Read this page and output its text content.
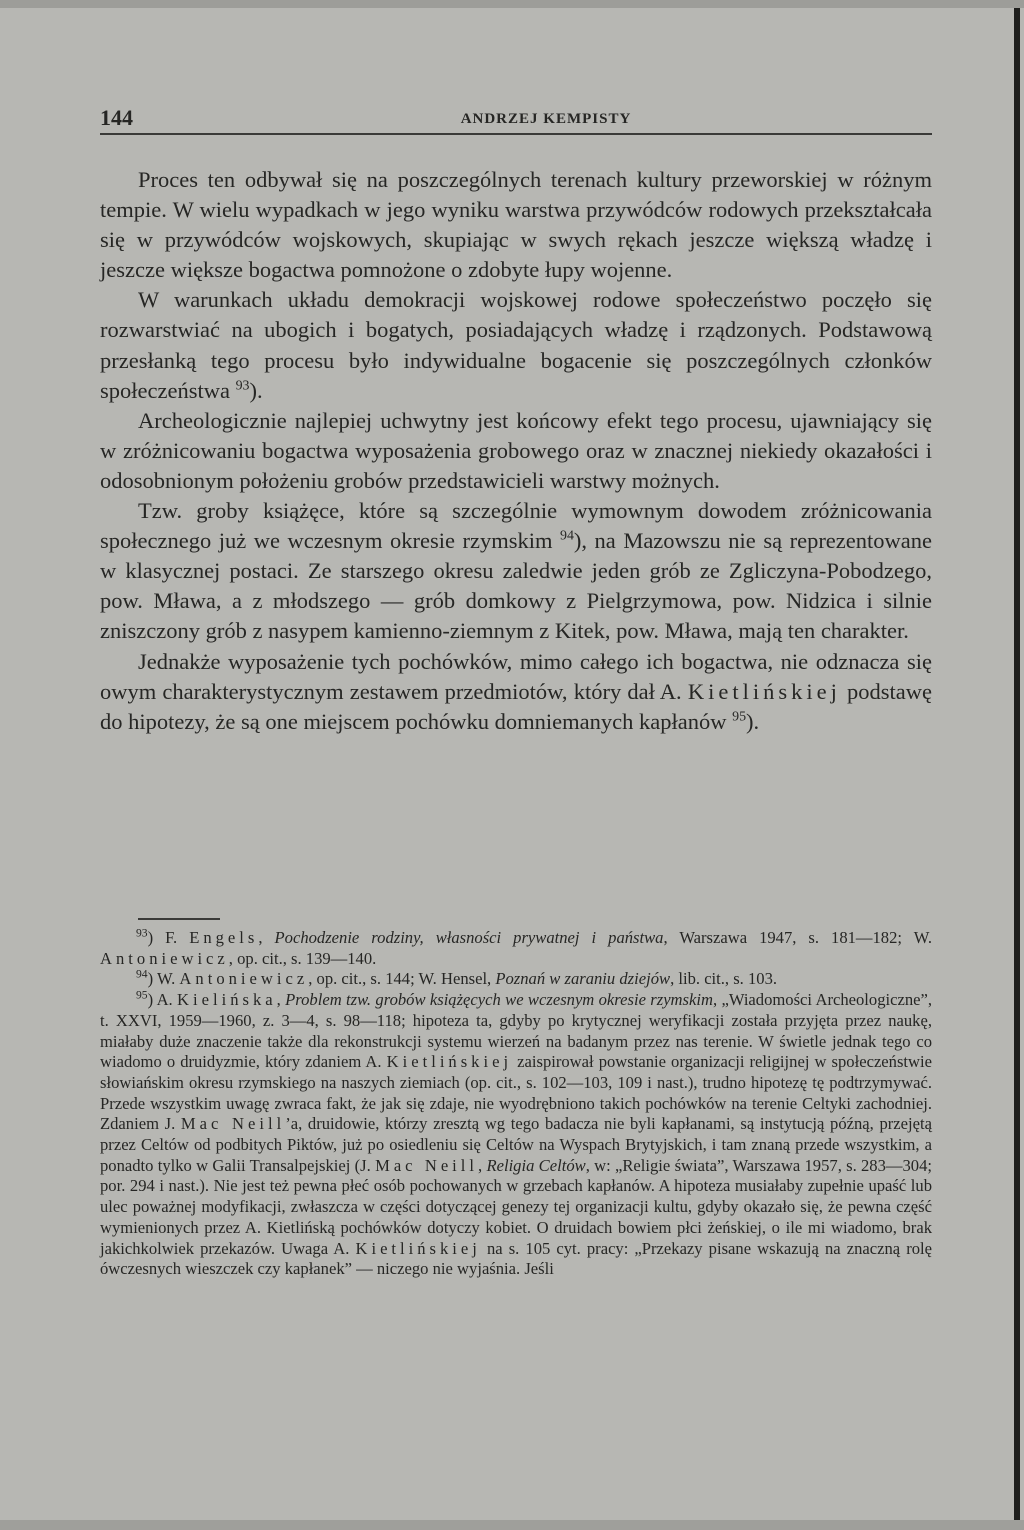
144	ANDRZEJ KEMPISTY

Proces ten odbywał się na poszczególnych terenach kultury przeworskiej w różnym tempie. W wielu wypadkach w jego wyniku warstwa przywódców rodowych przekształcała się w przywódców wojskowych, skupiając w swych rękach jeszcze większą władzę i jeszcze większe bogactwa pomnożone o zdobyte łupy wojenne.

W warunkach układu demokracji wojskowej rodowe społeczeństwo poczęło się rozwarstwiać na ubogich i bogatych, posiadających władzę i rządzonych. Podstawową przesłanką tego procesu było indywidualne bogacenie się poszczególnych członków społeczeństwa $^{93}$).

Archeologicznie najlepiej uchwytny jest końcowy efekt tego procesu, ujawniający się w zróżnicowaniu bogactwa wyposażenia grobowego oraz w znacznej niekiedy okazałości i odosobnionym położeniu grobów przedstawicieli warstwy możnych.

Tzw. groby książęce, które są szczególnie wymownym dowodem zróżnicowania społecznego już we wczesnym okresie rzymskim $^{94}$), na Mazowszu nie są reprezentowane w klasycznej postaci. Ze starszego okresu zaledwie jeden grób ze Zgliczyna-Pobodzego, pow. Mława, a z młodszego — grób domkowy z Pielgrzymowa, pow. Nidzica i silnie zniszczony grób z nasypem kamienno-ziemnym z Kitek, pow. Mława, mają ten charakter.

Jednakże wyposażenie tych pochówków, mimo całego ich bogactwa, nie odznacza się owym charakterystycznym zestawem przedmiotów, który dał A. Kietlińskiej podstawę do hipotezy, że są one miejscem pochówku domniemanych kapłanów $^{95}$).

$^{93}$) F. Engels, Pochodzenie rodziny, własności prywatnej i państwa, Warszawa 1947, s. 181—182; W. Antoniewicz, op. cit., s. 139—140.

$^{94}$) W. Antoniewicz, op. cit., s. 144; W. Hensel, Poznań w zaraniu dziejów, lib. cit., s. 103.

$^{95}$) A. Kielińska, Problem tzw. grobów książęcych we wczesnym okresie rzymskim, „Wiadomości Archeologiczne”, t. XXVI, 1959—1960, z. 3—4, s. 98—118; hipoteza ta, gdyby po krytycznej weryfikacji została przyjęta przez naukę, miałaby duże znaczenie także dla rekonstrukcji systemu wierzeń na badanym przez nas terenie. W świetle jednak tego co wiadomo o druidyzmie, który zdaniem A. Kietlińskiej zaispirował powstanie organizacji religijnej w społeczeństwie słowiańskim okresu rzymskiego na naszych ziemiach (op. cit., s. 102—103, 109 i nast.), trudno hipotezę tę podtrzymywać. Przede wszystkim uwagę zwraca fakt, że jak się zdaje, nie wyodrębniono takich pochówków na terenie Celtyki zachodniej. Zdaniem J. Mac Neill’a, druidowie, którzy zresztą wg tego badacza nie byli kapłanami, są instytucją późną, przejętą przez Celtów od podbitych Piktów, już po osiedleniu się Celtów na Wyspach Brytyjskich, i tam znaną przede wszystkim, a ponadto tylko w Galii Transalpejskiej (J. Mac Neill, Religia Celtów, w: „Religie świata”, Warszawa 1957, s. 283—304; por. 294 i nast.). Nie jest też pewna płeć osób pochowanych w grzebach kapłanów. A hipoteza musiałaby zupełnie upaść lub ulec poważnej modyfikacji, zwłaszcza w części dotyczącej genezy tej organizacji kultu, gdyby okazało się, że pewna część wymienionych przez A. Kietlińską pochówków dotyczy kobiet. O druidach bowiem płci żeńskiej, o ile mi wiadomo, brak jakichkolwiek przekazów. Uwaga A. Kietlińskiej na s. 105 cyt. pracy: „Przekazy pisane wskazują na znaczną rolę ówczesnych wieszczek czy kapłanek” — niczego nie wyjaśnia. Jeśli
